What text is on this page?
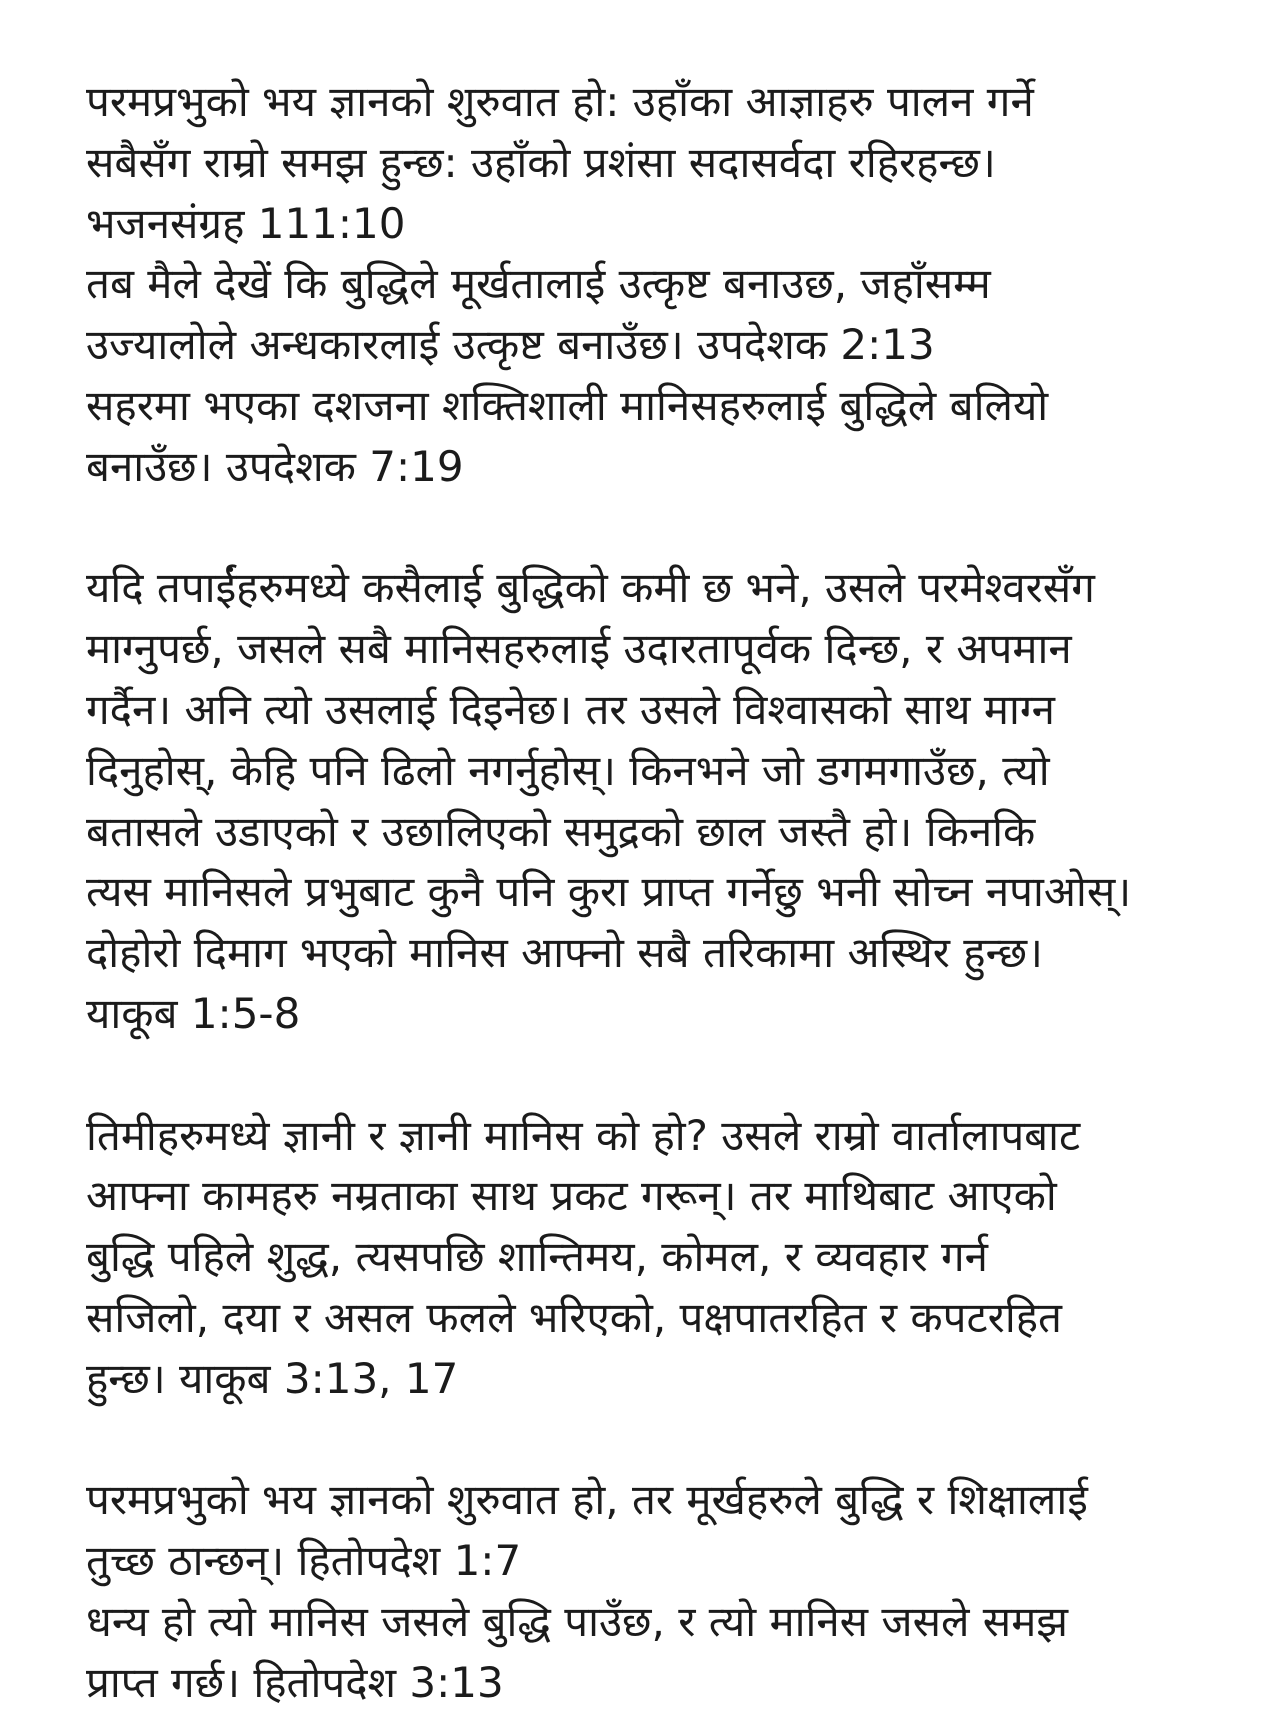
परमप्रभुको भय ज्ञानको शुरुवात हो: उहाँका आज्ञाहरु पालन गर्ने
सबैसँग राम्रो समझ हुन्छ: उहाँको प्रशंसा सदासर्वदा रहिरहन्छ।
भजनसंग्रह 111:10
तब मैले देखें कि बुद्धिले मूर्खतालाई उत्कृष्ट बनाउछ, जहाँसम्म
उज्यालोले अन्धकारलाई उत्कृष्ट बनाउँछ। उपदेशक 2:13
सहरमा भएका दशजना शक्तिशाली मानिसहरुलाई बुद्धिले बलियो
बनाउँछ। उपदेशक 7:19

यदि तपाईंहरुमध्ये कसैलाई बुद्धिको कमी छ भने, उसले परमेश्वरसँग
माग्नुपर्छ, जसले सबै मानिसहरुलाई उदारतापूर्वक दिन्छ, र अपमान
गर्दैन। अनि त्यो उसलाई दिइनेछ। तर उसले विश्वासको साथ माग्न
दिनुहोस्, केहि पनि ढिलो नगर्नुहोस्। किनभने जो डगमगाउँछ, त्यो
बतासले उडाएको र उछालिएको समुद्रको छाल जस्तै हो। किनकि
त्यस मानिसले प्रभुबाट कुनै पनि कुरा प्राप्त गर्नेछु भनी सोच्न नपाओस्।
दोहोरो दिमाग भएको मानिस आफ्नो सबै तरिकामा अस्थिर हुन्छ।
याकूब 1:5-8

तिमीहरुमध्ये ज्ञानी र ज्ञानी मानिस को हो? उसले राम्रो वार्तालापबाट
आफ्ना कामहरु नम्रताका साथ प्रकट गरून्। तर माथिबाट आएको
बुद्धि पहिले शुद्ध, त्यसपछि शान्तिमय, कोमल, र व्यवहार गर्न
सजिलो, दया र असल फलले भरिएको, पक्षपातरहित र कपटरहित
हुन्छ। याकूब 3:13, 17

परमप्रभुको भय ज्ञानको शुरुवात हो, तर मूर्खहरुले बुद्धि र शिक्षालाई
तुच्छ ठान्छन्। हितोपदेश 1:7
धन्य हो त्यो मानिस जसले बुद्धि पाउँछ, र त्यो मानिस जसले समझ
प्राप्त गर्छ। हितोपदेश 3:13
